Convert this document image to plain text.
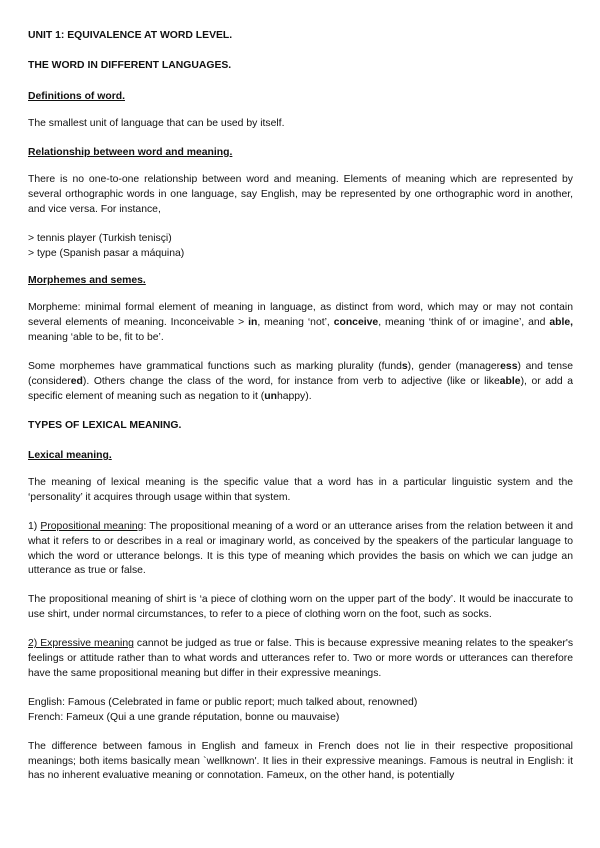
UNIT 1: EQUIVALENCE AT WORD LEVEL.
THE WORD IN DIFFERENT LANGUAGES.
Definitions of word.

The smallest unit of language that can be used by itself.

Relationship between word and meaning.

There is no one-to-one relationship between word and meaning. Elements of meaning which are represented by several orthographic words in one language, say English, may be represented by one orthographic word in another, and vice versa. For instance,

> tennis player (Turkish tenisçi)

> type (Spanish pasar a máquina)

Morphemes and semes.

Morpheme: minimal formal element of meaning in language, as distinct from word, which may or may not contain several elements of meaning. Inconceivable > in, meaning ‘not’, conceive, meaning ‘think of or imagine’, and able, meaning ‘able to be, fit to be’.

Some morphemes have grammatical functions such as marking plurality (funds), gender (manageress) and tense (considered). Others change the class of the word, for instance from verb to adjective (like or likeable), or add a specific element of meaning such as negation to it (unhappy).

TYPES OF LEXICAL MEANING.
Lexical meaning.

The meaning of lexical meaning is the specific value that a word has in a particular linguistic system and the ‘personality’ it acquires through usage within that system.

1) Propositional meaning: The propositional meaning of a word or an utterance arises from the relation between it and what it refers to or describes in a real or imaginary world, as conceived by the speakers of the particular language to which the word or utterance belongs. It is this type of meaning which provides the basis on which we can judge an utterance as true or false.

The propositional meaning of shirt is ‘a piece of clothing worn on the upper part of the body’. It would be inaccurate to use shirt, under normal circumstances, to refer to a piece of clothing worn on the foot, such as socks.

2) Expressive meaning cannot be judged as true or false. This is because expressive meaning relates to the speaker's feelings or attitude rather than to what words and utterances refer to. Two or more words or utterances can therefore have the same propositional meaning but differ in their expressive meanings.

English: Famous (Celebrated in fame or public report; much talked about, renowned)

French: Fameux (Qui a une grande réputation, bonne ou mauvaise)

The difference between famous in English and fameux in French does not lie in their respective propositional meanings; both items basically mean `wellknown'. It lies in their expressive meanings. Famous is neutral in English: it has no inherent evaluative meaning or connotation. Fameux, on the other hand, is potentially
